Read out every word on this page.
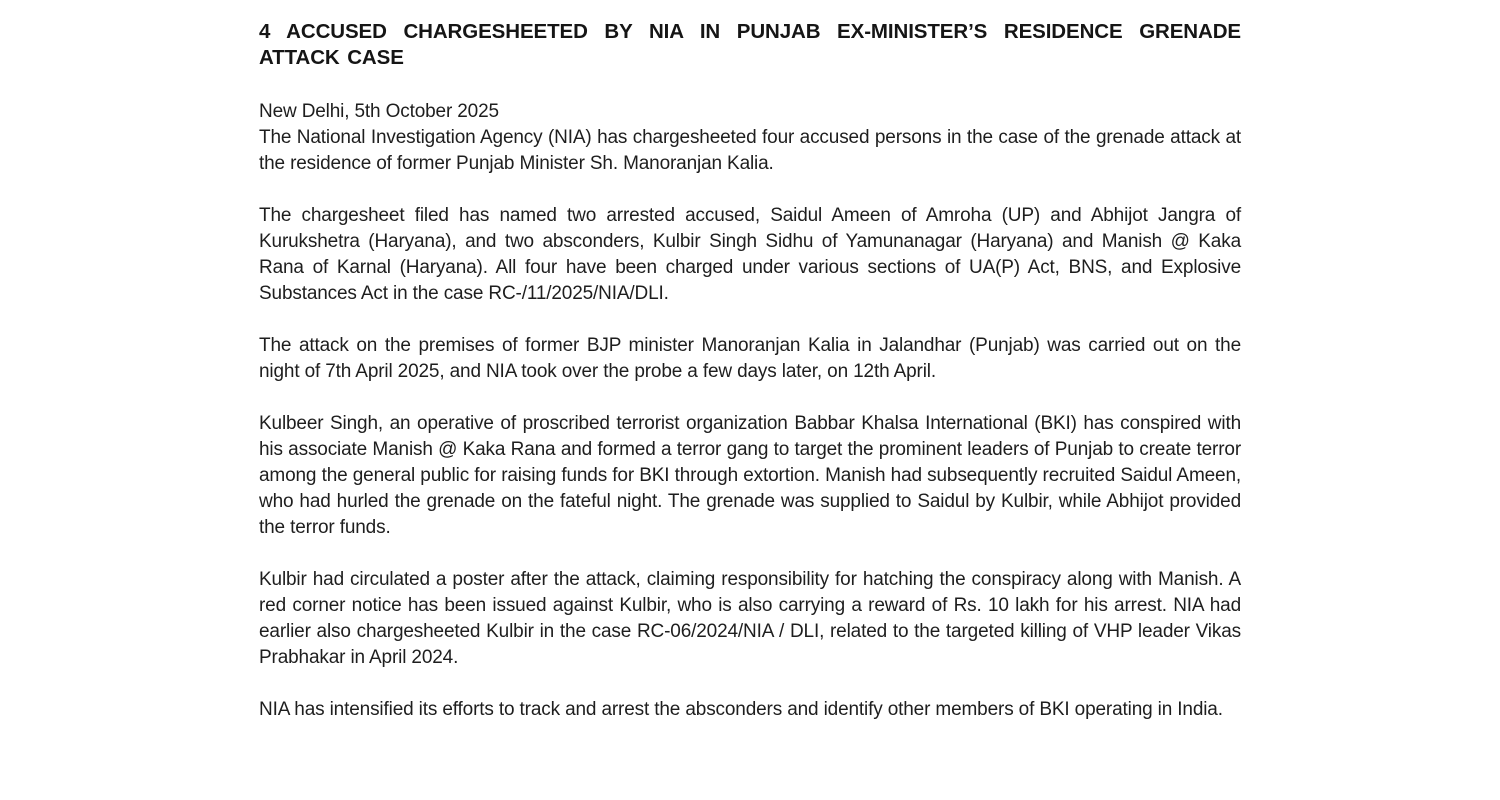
4 ACCUSED CHARGESHEETED BY NIA IN PUNJAB EX-MINISTER’S RESIDENCE GRENADE ATTACK CASE

New Delhi, 5th October 2025

The National Investigation Agency (NIA) has chargesheeted four accused persons in the case of the grenade attack at the residence of former Punjab Minister Sh. Manoranjan Kalia.

The chargesheet filed has named two arrested accused, Saidul Ameen of Amroha (UP) and Abhijot Jangra of Kurukshetra (Haryana), and two absconders, Kulbir Singh Sidhu of Yamunanagar (Haryana) and Manish @ Kaka Rana of Karnal (Haryana). All four have been charged under various sections of UA(P) Act, BNS, and Explosive Substances Act in the case RC-/11/2025/NIA/DLI.

The attack on the premises of former BJP minister Manoranjan Kalia in Jalandhar (Punjab) was carried out on the night of 7th April 2025, and NIA took over the probe a few days later, on 12th April.

Kulbeer Singh, an operative of proscribed terrorist organization Babbar Khalsa International (BKI) has conspired with his associate Manish @ Kaka Rana and formed a terror gang to target the prominent leaders of Punjab to create terror among the general public for raising funds for BKI through extortion. Manish had subsequently recruited Saidul Ameen, who had hurled the grenade on the fateful night. The grenade was supplied to Saidul by Kulbir, while Abhijot provided the terror funds.

Kulbir had circulated a poster after the attack, claiming responsibility for hatching the conspiracy along with Manish. A red corner notice has been issued against Kulbir, who is also carrying a reward of Rs. 10 lakh for his arrest. NIA had earlier also chargesheeted Kulbir in the case RC-06/2024/NIA / DLI, related to the targeted killing of VHP leader Vikas Prabhakar in April 2024.

NIA has intensified its efforts to track and arrest the absconders and identify other members of BKI operating in India.
